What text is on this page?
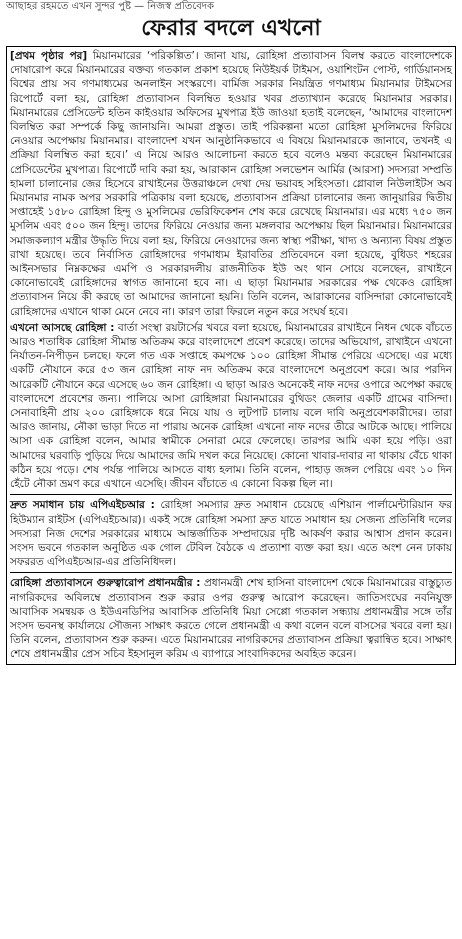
আছাহর রহমতে এখন সুন্দর পুষ্ট — নিজস্ব প্রতিবেদক
ফেরার বদলে এখনো

[প্রথম পৃষ্ঠার পর] মিয়ানমারের ‘পরিকল্পিত’। জানা যায়, রোহিঙ্গা প্রত্যাবাসন বিলম্ব করতে বাংলাদেশকে দোষারোপ করে মিয়ানমারের বক্তব্য গতকাল প্রকাশ হয়েছে নিউইয়র্ক টাইমস, ওয়াশিংটন পোস্ট, গার্ডিয়ানসহ বিশ্বের প্রায় সব গণমাধ্যমের অনলাইন সংস্করণে। বার্মিজ সরকার নিয়ন্ত্রিত গণমাধ্যম মিয়ানমার টাইমসের রিপোর্টে বলা হয়, রোহিঙ্গা প্রত্যাবাসন বিলম্বিত হওয়ার খবর প্রত্যাখ্যান করেছে মিয়ানমার সরকার। মিয়ানমারের প্রেসিডেন্ট হতিন কাইওয়ার অফিসের মুখপাত্র ইউ জাওয়া হতাই বলেছেন, ‘আমাদের বাংলাদেশ বিলম্বিত করা সম্পর্কে কিছু জানায়নি। আমরা প্রস্তুত। তাই পরিকল্পনা মতো রোহিঙ্গা মুসলিমদের ফিরিয়ে নেওয়ার অপেক্ষায় মিয়ানমার। বাংলাদেশ যখন আনুষ্ঠানিকভাবে এ বিষয়ে মিয়ানমারকে জানাবে, তখনই এ প্রক্রিয়া বিলম্বিত করা হবে।’ এ নিয়ে আরও আলোচনা করতে হবে বলেও মন্তব্য করেছেন মিয়ানমারের প্রেসিডেন্টের মুখপাত্র। রিপোর্টে দাবি করা হয়, আরাকান রোহিঙ্গা সলভেশন আর্মির (আরসা) সদস্যরা সম্প্রতি হামলা চালানোর জের হিসেবে রাখাইনের উত্তরাঞ্চলে দেখা দেয় ভয়াবহ সহিংসতা। গ্লোবাল নিউলাইটস অব মিয়ানমার নামক অপর সরকারি পত্রিকায় বলা হয়েছে, প্রত্যাবাসন প্রক্রিয়া চালানোর জন্য জানুয়ারির দ্বিতীয় সপ্তাহেই ১৫৮০ রোহিঙ্গা হিন্দু ও মুসলিমের ভেরিফিকেশন শেষ করে রেখেছে মিয়ানমার। এর মধ্যে ৭৫০ জন মুসলিম এবং ৫০০ জন হিন্দু। তাদের ফিরিয়ে নেওয়ার জন্য মঙ্গলবার অপেক্ষায় ছিল মিয়ানমার। মিয়ানমারের সমাজকল্যাণ মন্ত্রীর উদ্ধৃতি দিয়ে বলা হয়, ফিরিয়ে নেওয়াদের জন্য স্বাস্থ্য পরীক্ষা, খাদ্য ও অন্যান্য বিষয় প্রস্তুত রাখা হয়েছে। তবে নির্বাসিত রোহিঙ্গাদের গণমাধ্যম ইরাবতির প্রতিবেদনে বলা হয়েছে, বুধিডং শহরের আইনসভার নিম্নকক্ষের এমপি ও সরকারদলীয় রাজনীতিক ইউ অং থান সোয়ে বলেছেন, রাখাইনে কোনোভাবেই রোহিঙ্গাদের স্বাগত জানানো হবে না। এ ছাড়া মিয়ানমার সরকারের পক্ষ থেকেও রোহিঙ্গা প্রত্যাবাসন নিয়ে কী করছে তা আমাদের জানানো হয়নি। তিনি বলেন, আরাকানের বাসিন্দারা কোনোভাবেই রোহিঙ্গাদের এখানে থাকা মেনে নেবে না। কারণ তারা ফিরলে নতুন করে সংঘর্ষ হবে।

এখনো আসছে রোহিঙ্গা : বার্তা সংস্থা রয়টার্সের খবরে বলা হয়েছে, মিয়ানমারের রাখাইনে নিধন থেকে বাঁচতে আরও শতাধিক রোহিঙ্গা সীমান্ত অতিক্রম করে বাংলাদেশে প্রবেশ করেছে। তাদের অভিযোগ, রাখাইনে এখনো নির্যাতন-নিপীড়ন চলছে। ফলে গত এক সপ্তাহে কমপক্ষে ১০০ রোহিঙ্গা সীমান্ত পেরিয়ে এসেছে। এর মধ্যে একটি নৌযানে করে ৫৩ জন রোহিঙ্গা নাফ নদ অতিক্রম করে বাংলাদেশে অনুপ্রবেশ করে। আর পরদিন আরেকটি নৌযানে করে এসেছে ৬০ জন রোহিঙ্গা। এ ছাড়া আরও অনেকেই নাফ নদের ওপারে অপেক্ষা করছে বাংলাদেশে প্রবেশের জন্য। পালিয়ে আসা রোহিঙ্গারা মিয়ানমারের বুথিডং জেলার একটি গ্রামের বাসিন্দা। সেনাবাহিনী প্রায় ২০০ রোহিঙ্গাকে ধরে নিয়ে যায় ও লুটপাট চালায় বলে দাবি অনুপ্রবেশকারীদের। তারা আরও জানায়, নৌকা ভাড়া দিতে না পারায় অনেক রোহিঙ্গা এখনো নাফ নদের তীরে আটকে আছে। পালিয়ে আসা এক রোহিঙ্গা বলেন, আমার স্বামীকে সেনারা মেরে ফেলেছে। তারপর আমি একা হয়ে পড়ি। ওরা আমাদের ঘরবাড়ি পুড়িয়ে দিয়ে আমাদের জমি দখল করে নিয়েছে। কোনো খাবার-দাবার না থাকায় বেঁচে থাকা কঠিন হয়ে পড়ে। শেষ পর্যন্ত পালিয়ে আসতে বাধ্য হলাম। তিনি বলেন, পাহাড় জঙ্গল পেরিয়ে এবং ১০ দিন হেঁটে নৌকা ভ্রমণ করে এখানে এসেছি। জীবন বাঁচাতে এ কোনো বিকল্প ছিল না।

দ্রুত সমাধান চায় এপিএইচআর : রোহিঙ্গা সমস্যার দ্রুত সমাধান চেয়েছে এশিয়ান পার্লামেন্টারিয়ান ফর হিউম্যান রাইটস (এপিএইচআর)। একই সঙ্গে রোহিঙ্গা সমস্যা দ্রুত যাতে সমাধান হয় সেজন্য প্রতিনিধি দলের সদস্যরা নিজ দেশের সরকারের মাধ্যমে আন্তর্জাতিক সম্প্রদায়ের দৃষ্টি আকর্ষণ করার আশ্বাস প্রদান করেন। সংসদ ভবনে গতকাল অনুষ্ঠিত এক গোল টেবিল বৈঠকে এ প্রত্যাশা ব্যক্ত করা হয়। এতে অংশ নেন ঢাকায় সফররত এপিএইচআর-এর প্রতিনিধিদল।

রোহিঙ্গা প্রত্যাবাসনে গুরুত্বারোপ প্রধানমন্ত্রীর : প্রধানমন্ত্রী শেখ হাসিনা বাংলাদেশ থেকে মিয়ানমারের বাস্তুচ্যুত নাগরিকদের অবিলম্বে প্রত্যাবাসন শুরু করার ওপর গুরুত্ব আরোপ করেছেন। জাতিসংঘের নবনিযুক্ত আবাসিক সমন্বয়ক ও ইউএনডিপির আবাসিক প্রতিনিধি মিয়া সেপ্পো গতকাল সন্ধ্যায় প্রধানমন্ত্রীর সঙ্গে তাঁর সংসদ ভবনস্থ কার্যালয়ে সৌজন্য সাক্ষাৎ করতে গেলে প্রধানমন্ত্রী এ কথা বলেন বলে বাসসের খবরে বলা হয়। তিনি বলেন, প্রত্যাবাসন শুরু করুন। এতে মিয়ানমারের নাগরিকদের প্রত্যাবাসন প্রক্রিয়া ত্বরান্বিত হবে। সাক্ষাৎ শেষে প্রধানমন্ত্রীর প্রেস সচিব ইহসানুল করিম এ ব্যাপারে সাংবাদিকদের অবহিত করেন।
